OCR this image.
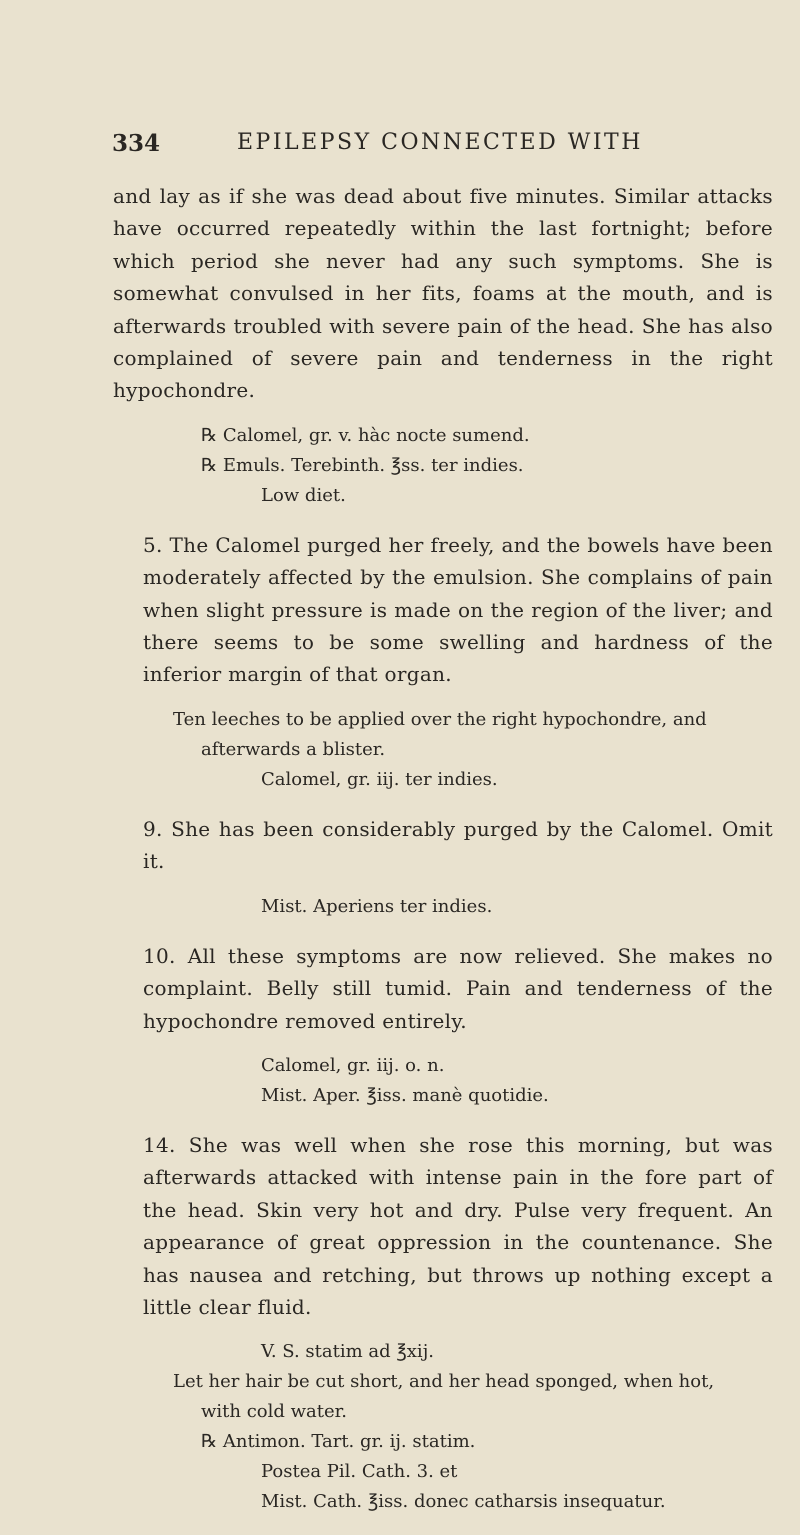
334	EPILEPSY CONNECTED WITH

and lay as if she was dead about five minutes. Similar attacks have occurred repeatedly within the last fortnight; before which period she never had any such symptoms. She is somewhat convulsed in her fits, foams at the mouth, and is afterwards troubled with severe pain of the head. She has also complained of severe pain and tenderness in the right hypochondre.

℞ Calomel, gr. v. hàc nocte sumend.
℞ Emuls. Terebinth. ℥ss. ter indies.
Low diet.

5. The Calomel purged her freely, and the bowels have been moderately affected by the emulsion. She complains of pain when slight pressure is made on the region of the liver; and there seems to be some swelling and hardness of the inferior margin of that organ.

Ten leeches to be applied over the right hypochondre, and
afterwards a blister.
Calomel, gr. iij. ter indies.

9. She has been considerably purged by the Calomel. Omit it.

Mist. Aperiens ter indies.

10. All these symptoms are now relieved. She makes no complaint. Belly still tumid. Pain and tenderness of the hypochondre removed entirely.

Calomel, gr. iij. o. n.
Mist. Aper. ℥iss. manè quotidie.

14. She was well when she rose this morning, but was afterwards attacked with intense pain in the fore part of the head. Skin very hot and dry. Pulse very frequent. An appearance of great oppression in the countenance. She has nausea and retching, but throws up nothing except a little clear fluid.

V. S. statim ad ℥xij.
Let her hair be cut short, and her head sponged, when hot,
with cold water.
℞ Antimon. Tart. gr. ij. statim.
Postea Pil. Cath. 3. et
Mist. Cath. ℥iss. donec catharsis insequatur.
